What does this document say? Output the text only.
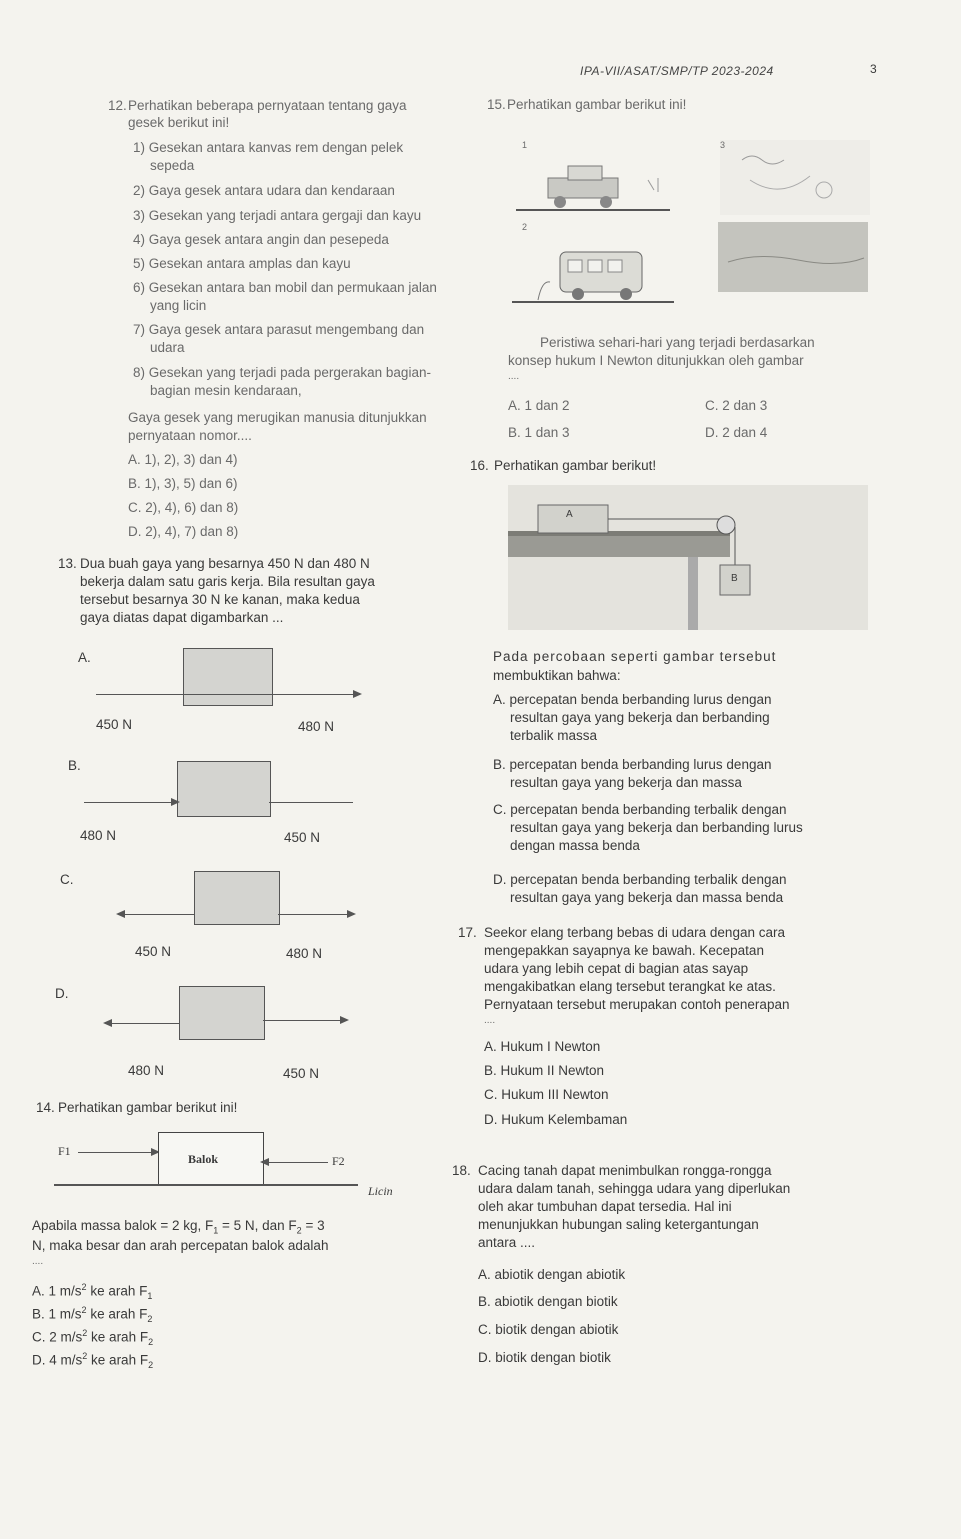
IPA-VII/ASAT/SMP/TP 2023-2024	3
12. Perhatikan beberapa pernyataan tentang gaya
gesek berikut ini!
1) Gesekan antara kanvas rem dengan pelek
sepeda
2) Gaya gesek antara udara dan kendaraan
3) Gesekan yang terjadi antara gergaji dan kayu
4) Gaya gesek antara angin dan pesepeda
5) Gesekan antara amplas dan kayu
6) Gesekan antara ban mobil dan permukaan jalan
yang licin
7) Gaya gesek antara parasut mengembang dan
udara
8) Gesekan yang terjadi pada pergerakan bagian-
bagian mesin kendaraan,
Gaya gesek yang merugikan manusia ditunjukkan
pernyataan nomor....
A. 1), 2), 3) dan 4)
B. 1), 3), 5) dan 6)
C. 2), 4), 6) dan 8)
D. 2), 4), 7) dan 8)
13. Dua buah gaya yang besarnya 450 N dan 480 N
bekerja dalam satu garis kerja. Bila resultan gaya
tersebut besarnya 30 N ke kanan, maka kedua
gaya diatas dapat digambarkan ...
A.
450 N	480 N
B.
480 N	450 N
C.
450 N	480 N
D.
480 N	450 N
14. Perhatikan gambar berikut ini!
F1
Balok	F2
Licin
Apabila massa balok = 2 kg, $F_1 = 5$ N, dan $F_2 = 3$
N, maka besar dan arah percepatan balok adalah
....
A. 1 $m/s^2$ ke arah $F_1$
B. 1 $m/s^2$ ke arah $F_2$
C. 2 $m/s^2$ ke arah $F_2$
D. 4 $m/s^2$ ke arah $F_2$
15. Perhatikan gambar berikut ini!
1
2
3
Peristiwa sehari-hari yang terjadi berdasarkan
konsep hukum I Newton ditunjukkan oleh gambar
....
A. 1 dan 2
B. 1 dan 3
C. 2 dan 3
D. 2 dan 4
16. Perhatikan gambar berikut!
A
B
Pada percobaan seperti gambar tersebut
membuktikan bahwa:
A. percepatan benda berbanding lurus dengan
resultan gaya yang bekerja dan berbanding
terbalik massa
B. percepatan benda berbanding lurus dengan
resultan gaya yang bekerja dan massa
C. percepatan benda berbanding terbalik dengan
resultan gaya yang bekerja dan berbanding lurus
dengan massa benda
D. percepatan benda berbanding terbalik dengan
resultan gaya yang bekerja dan massa benda
17. Seekor elang terbang bebas di udara dengan cara
mengepakkan sayapnya ke bawah. Kecepatan
udara yang lebih cepat di bagian atas sayap
mengakibatkan elang tersebut terangkat ke atas.
Pernyataan tersebut merupakan contoh penerapan
....
A. Hukum I Newton
B. Hukum II Newton
C. Hukum III Newton
D. Hukum Kelembaman
18. Cacing tanah dapat menimbulkan rongga-rongga
udara dalam tanah, sehingga udara yang diperlukan
oleh akar tumbuhan dapat tersedia. Hal ini
menunjukkan hubungan saling ketergantungan
antara ....
A. abiotik dengan abiotik
B. abiotik dengan biotik
C. biotik dengan abiotik
D. biotik dengan biotik
